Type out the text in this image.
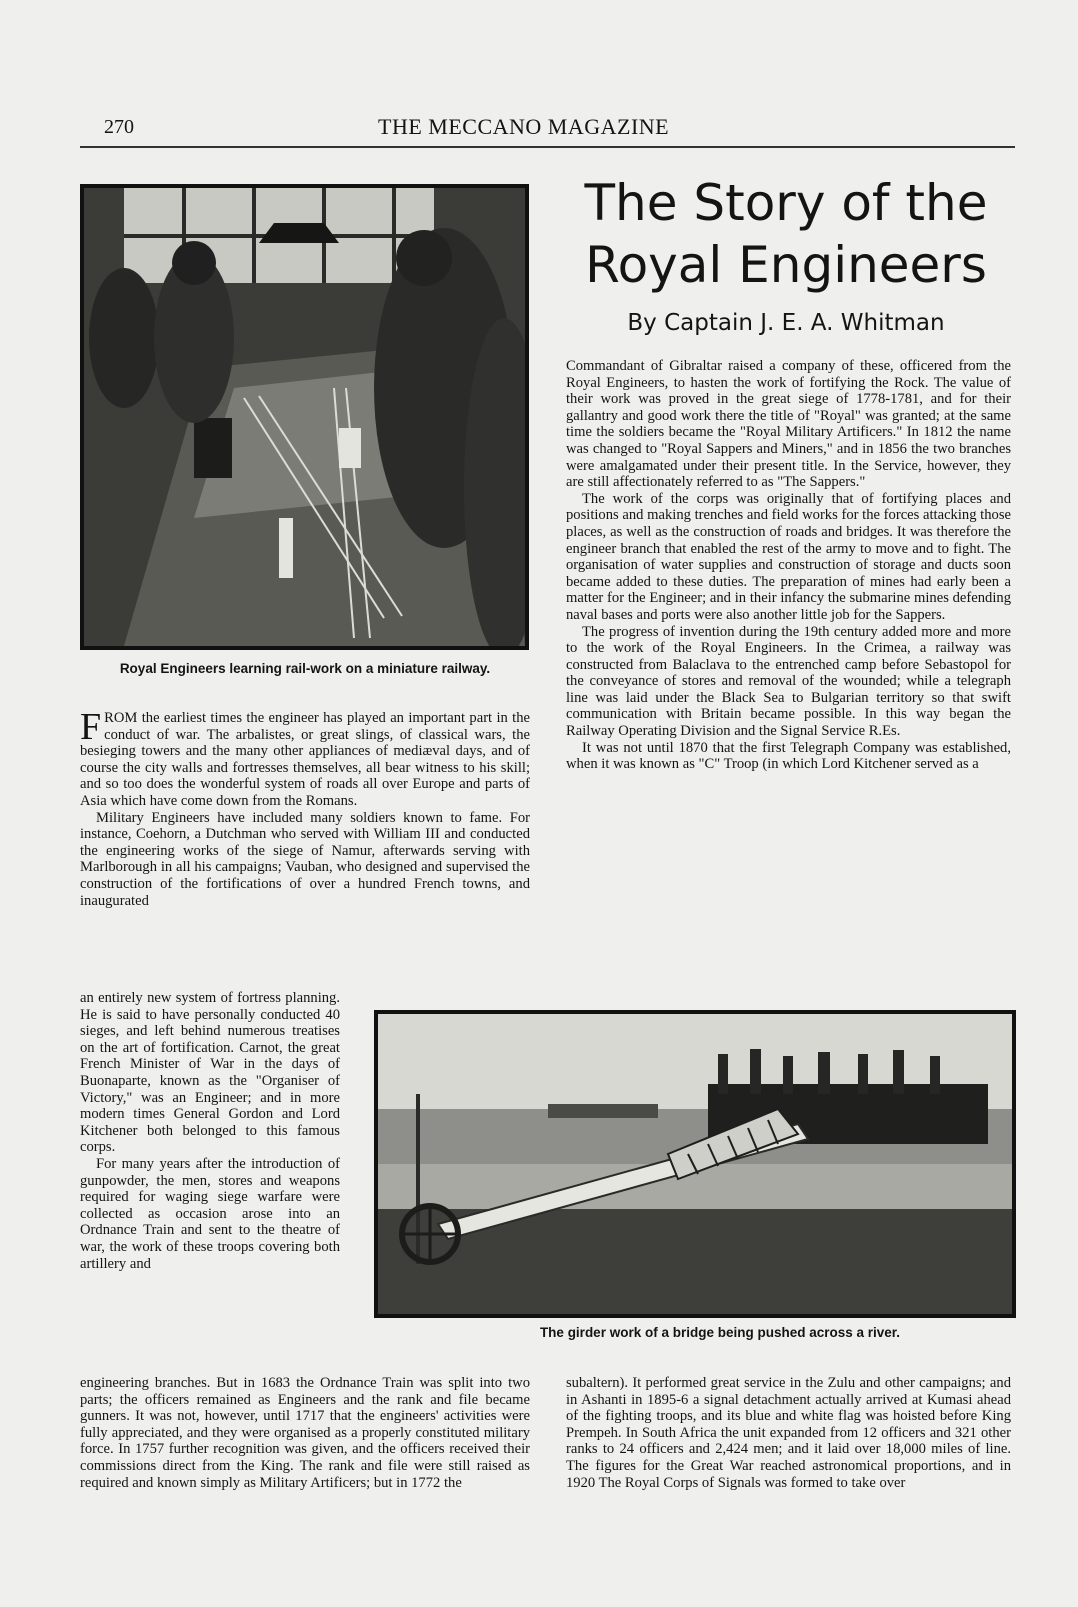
270	THE MECCANO MAGAZINE
Royal Engineers learning rail-work on a miniature railway.
The Story of the Royal Engineers
By Captain J. E. A. Whitman

FROM the earliest times the engineer has played an important part in the conduct of war. The arbalistes, or great slings, of classical wars, the besieging towers and the many other appliances of mediæval days, and of course the city walls and fortresses themselves, all bear witness to his skill; and so too does the wonderful system of roads all over Europe and parts of Asia which have come down from the Romans.

Military Engineers have included many soldiers known to fame. For instance, Coehorn, a Dutchman who served with William III and conducted the engineering works of the siege of Namur, afterwards serving with Marlborough in all his campaigns; Vauban, who designed and supervised the construction of the fortifications of over a hundred French towns, and inaugurated

an entirely new system of fortress planning. He is said to have personally conducted 40 sieges, and left behind numerous treatises on the art of fortification. Carnot, the great French Minister of War in the days of Buonaparte, known as the "Organiser of Victory," was an Engineer; and in more modern times General Gordon and Lord Kitchener both belonged to this famous corps.

For many years after the introduction of gunpowder, the men, stores and weapons required for waging siege warfare were collected as occasion arose into an Ordnance Train and sent to the theatre of war, the work of these troops covering both artillery and

The girder work of a bridge being pushed across a river.

engineering branches. But in 1683 the Ordnance Train was split into two parts; the officers remained as Engineers and the rank and file became gunners. It was not, however, until 1717 that the engineers' activities were fully appreciated, and they were organised as a properly constituted military force. In 1757 further recognition was given, and the officers received their commissions direct from the King. The rank and file were still raised as required and known simply as Military Artificers; but in 1772 the

Commandant of Gibraltar raised a company of these, officered from the Royal Engineers, to hasten the work of fortifying the Rock. The value of their work was proved in the great siege of 1778-1781, and for their gallantry and good work there the title of "Royal" was granted; at the same time the soldiers became the "Royal Military Artificers." In 1812 the name was changed to "Royal Sappers and Miners," and in 1856 the two branches were amalgamated under their present title. In the Service, however, they are still affectionately referred to as "The Sappers."

The work of the corps was originally that of fortifying places and positions and making trenches and field works for the forces attacking those places, as well as the construction of roads and bridges. It was therefore the engineer branch that enabled the rest of the army to move and to fight. The organisation of water supplies and construction of storage and ducts soon became added to these duties. The preparation of mines had early been a matter for the Engineer; and in their infancy the submarine mines defending naval bases and ports were also another little job for the Sappers.

The progress of invention during the 19th century added more and more to the work of the Royal Engineers. In the Crimea, a railway was constructed from Balaclava to the entrenched camp before Sebastopol for the conveyance of stores and removal of the wounded; while a telegraph line was laid under the Black Sea to Bulgarian territory so that swift communication with Britain became possible. In this way began the Railway Operating Division and the Signal Service R.Es.

It was not until 1870 that the first Telegraph Company was established, when it was known as "C" Troop (in which Lord Kitchener served as a

subaltern). It performed great service in the Zulu and other campaigns; and in Ashanti in 1895-6 a signal detachment actually arrived at Kumasi ahead of the fighting troops, and its blue and white flag was hoisted before King Prempeh. In South Africa the unit expanded from 12 officers and 321 other ranks to 24 officers and 2,424 men; and it laid over 18,000 miles of line. The figures for the Great War reached astronomical proportions, and in 1920 The Royal Corps of Signals was formed to take over
